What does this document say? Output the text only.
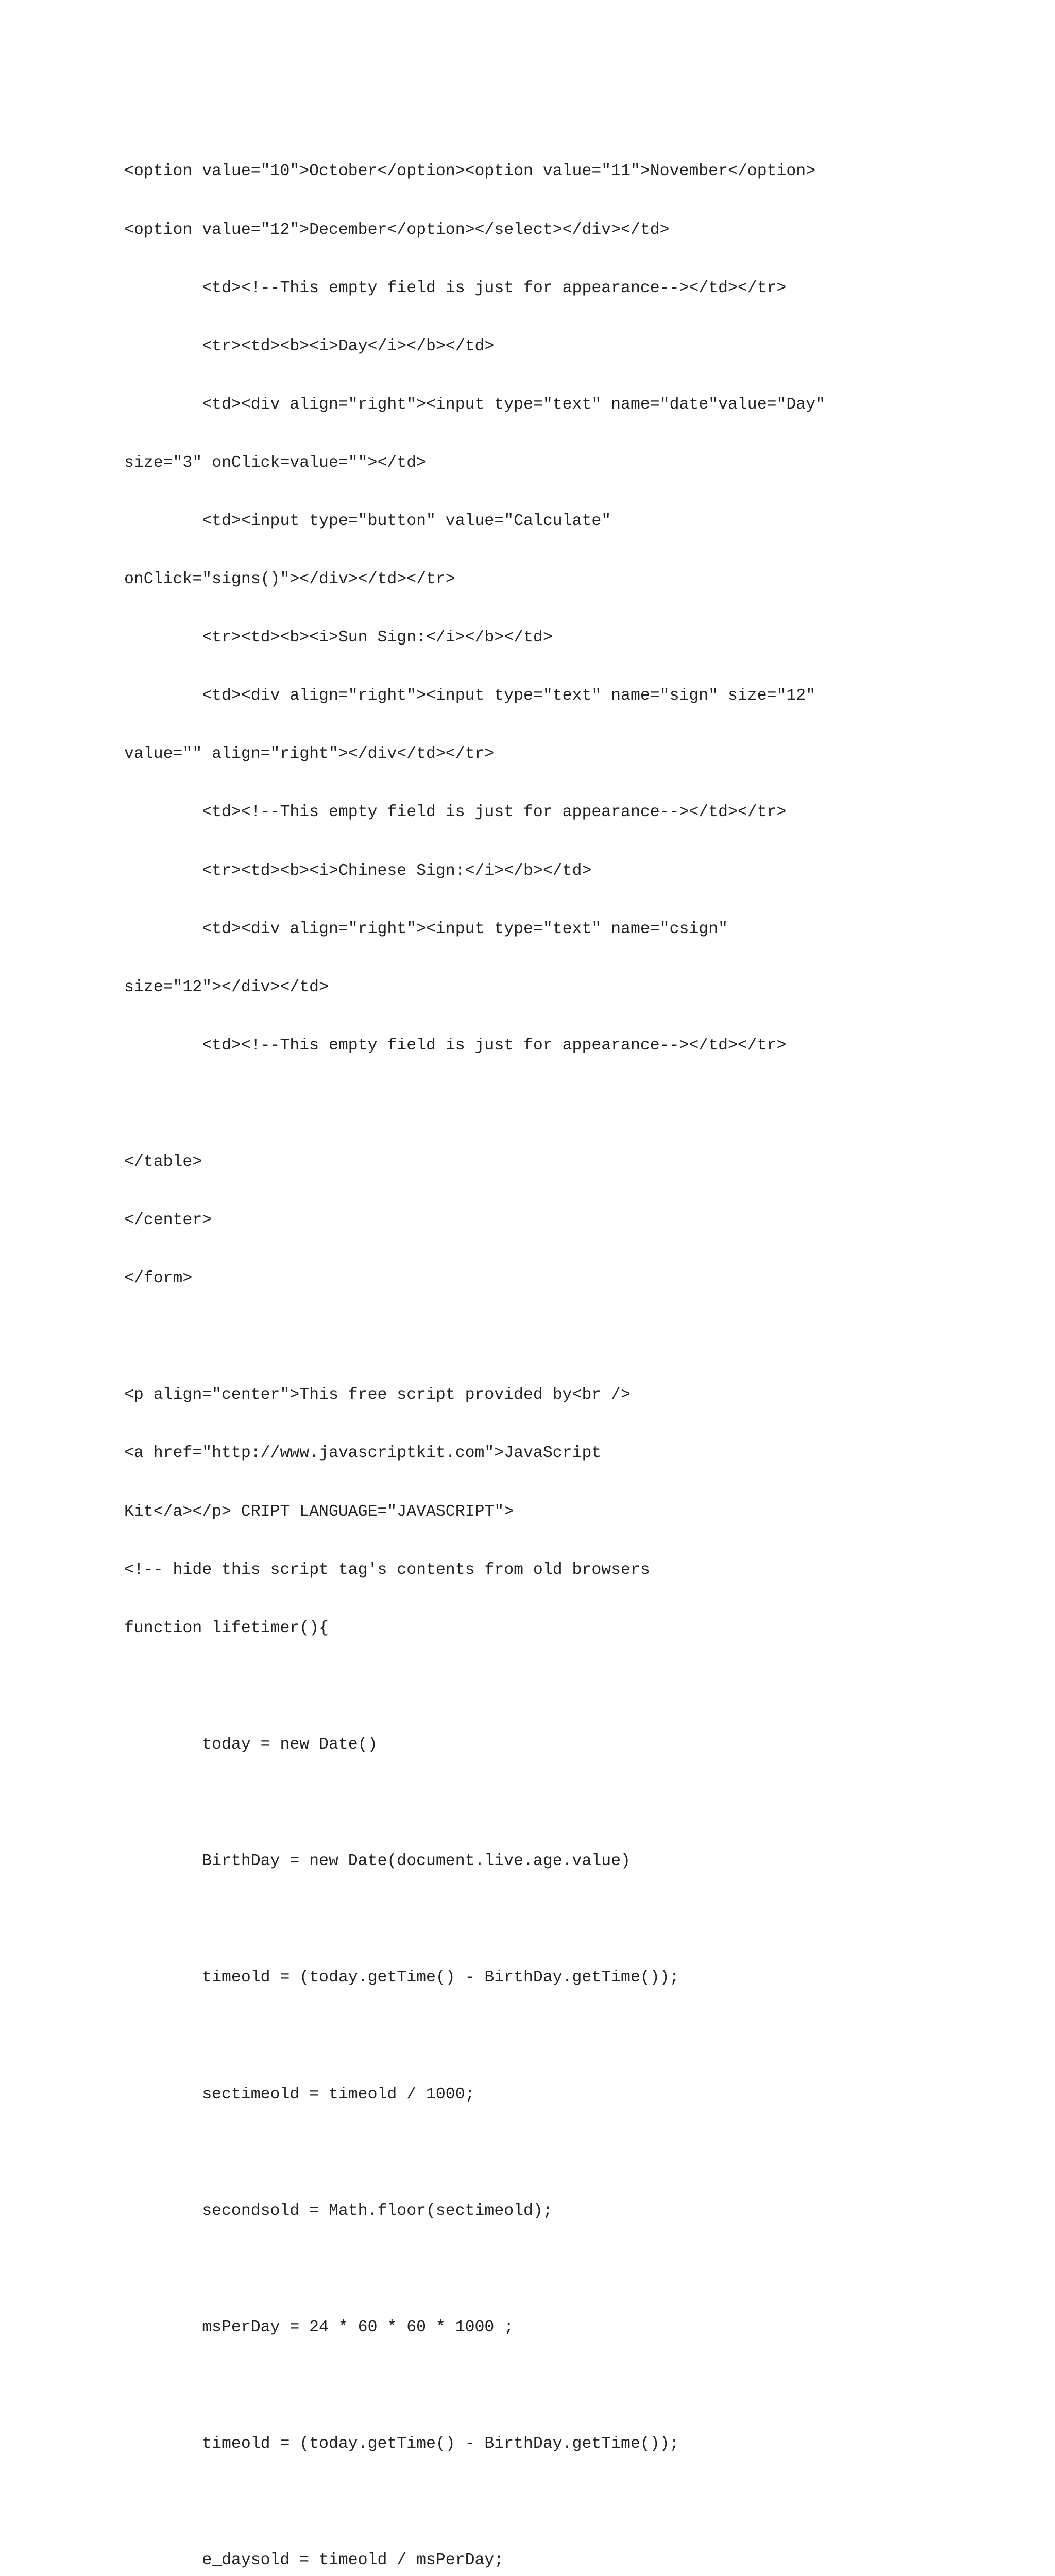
<option value="10">October</option><option value="11">November</option>

<option value="12">December</option></select></div></td>

<td><!--This empty field is just for appearance--></td></tr>

<tr><td><b><i>Day</i></b></td>

<td><div align="right"><input type="text" name="date"value="Day"

size="3" onClick=value=""></td>

<td><input type="button" value="Calculate"

onClick="signs()"></div></td></tr>

<tr><td><b><i>Sun Sign:</i></b></td>

<td><div align="right"><input type="text" name="sign" size="12"

value="" align="right"></div</td></tr>

<td><!--This empty field is just for appearance--></td></tr>

<tr><td><b><i>Chinese Sign:</i></b></td>

<td><div align="right"><input type="text" name="csign"

size="12"></div></td>

<td><!--This empty field is just for appearance--></td></tr>

</table>

</center>

</form>

<p align="center">This free script provided by<br />

<a href="http://www.javascriptkit.com">JavaScript

Kit</a></p> CRIPT LANGUAGE="JAVASCRIPT">

<!-- hide this script tag's contents from old browsers

function lifetimer(){

today = new Date()

BirthDay = new Date(document.live.age.value)

timeold = (today.getTime() - BirthDay.getTime());

sectimeold = timeold / 1000;

secondsold = Math.floor(sectimeold);

msPerDay = 24 * 60 * 60 * 1000 ;

timeold = (today.getTime() - BirthDay.getTime());

e_daysold = timeold / msPerDay;
